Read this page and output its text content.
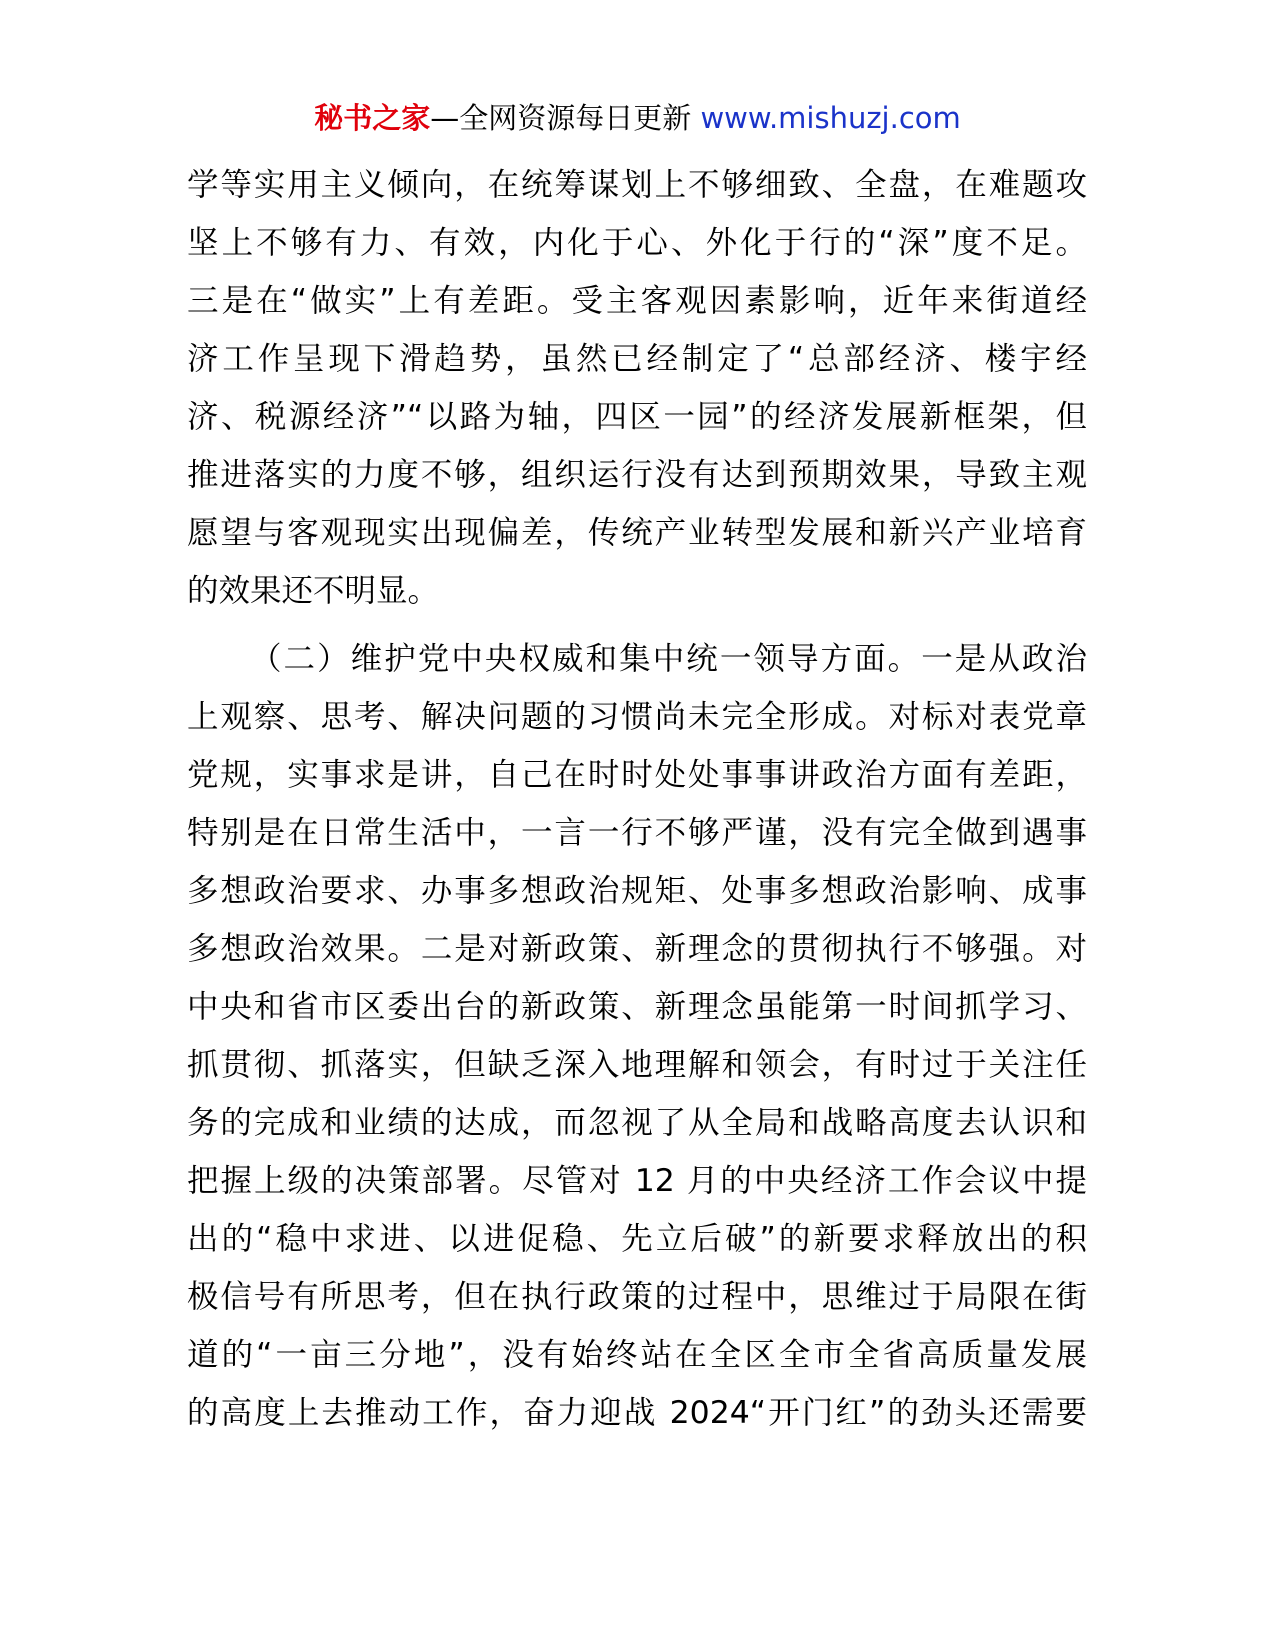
秘书之家—全网资源每日更新 www.mishuzj.com
学等实用主义倾向，在统筹谋划上不够细致、全盘，在难题攻
坚上不够有力、有效，内化于心、外化于行的“深”度不足。
三是在“做实”上有差距。受主客观因素影响，近年来街道经
济工作呈现下滑趋势，虽然已经制定了“总部经济、楼宇经
济、税源经济”“以路为轴，四区一园”的经济发展新框架，但
推进落实的力度不够，组织运行没有达到预期效果，导致主观
愿望与客观现实出现偏差，传统产业转型发展和新兴产业培育
的效果还不明显。
（二）维护党中央权威和集中统一领导方面。一是从政治
上观察、思考、解决问题的习惯尚未完全形成。对标对表党章
党规，实事求是讲，自己在时时处处事事讲政治方面有差距，
特别是在日常生活中，一言一行不够严谨，没有完全做到遇事
多想政治要求、办事多想政治规矩、处事多想政治影响、成事
多想政治效果。二是对新政策、新理念的贯彻执行不够强。对
中央和省市区委出台的新政策、新理念虽能第一时间抓学习、
抓贯彻、抓落实，但缺乏深入地理解和领会，有时过于关注任
务的完成和业绩的达成，而忽视了从全局和战略高度去认识和
把握上级的决策部署。尽管对 12 月的中央经济工作会议中提
出的“稳中求进、以进促稳、先立后破”的新要求释放出的积
极信号有所思考，但在执行政策的过程中，思维过于局限在街
道的“一亩三分地”，没有始终站在全区全市全省高质量发展
的高度上去推动工作，奋力迎战 2024“开门红”的劲头还需要
